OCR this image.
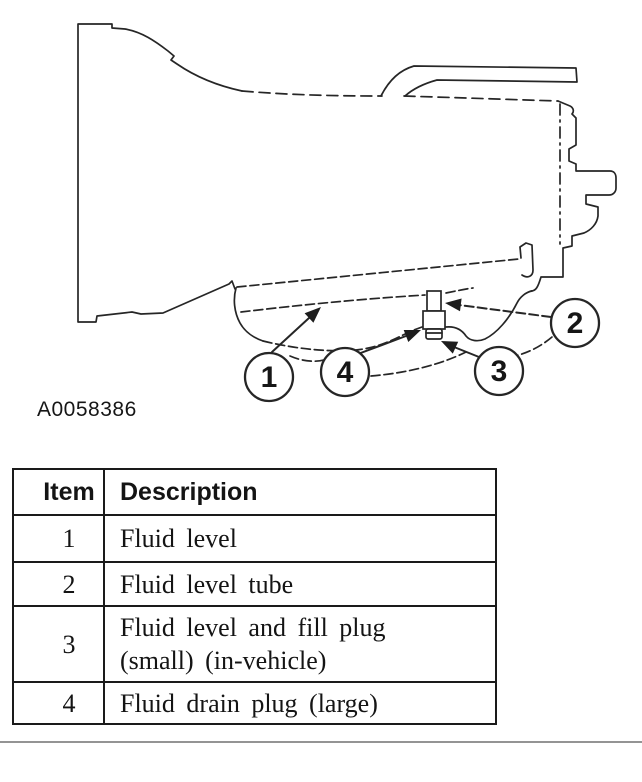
1 4	3
2
A0058386
Item	Description
1	Fluid level
2	Fluid level tube
3	Fluid level and fill plug (small) (in-vehicle)
4	Fluid drain plug (large)
